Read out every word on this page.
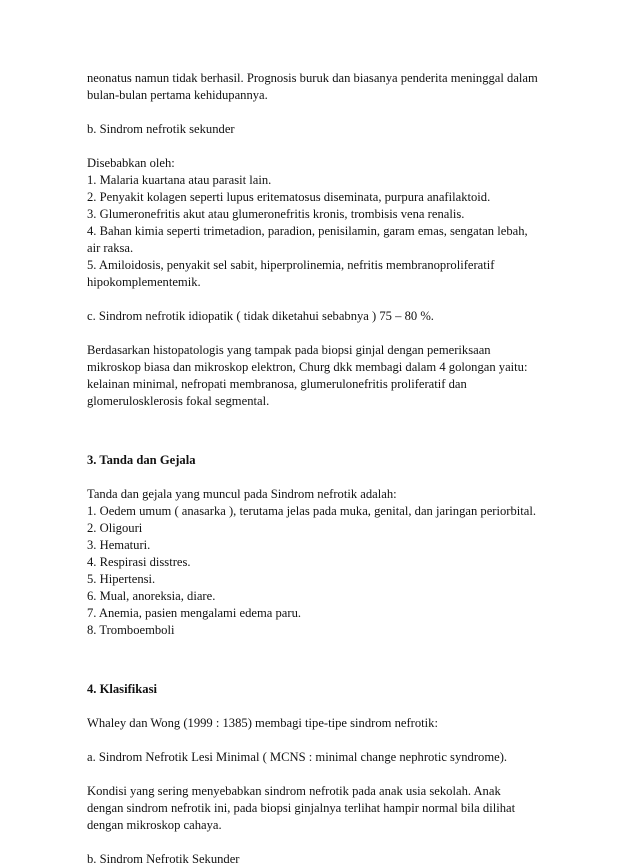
neonatus namun tidak berhasil. Prognosis buruk dan biasanya penderita meninggal dalam
bulan-bulan pertama kehidupannya.
b. Sindrom nefrotik sekunder
Disebabkan oleh:
1. Malaria kuartana atau parasit lain.
2. Penyakit kolagen seperti lupus eritematosus diseminata, purpura anafilaktoid.
3. Glumeronefritis akut atau glumeronefritis kronis, trombisis vena renalis.
4. Bahan kimia seperti trimetadion, paradion, penisilamin, garam emas, sengatan lebah,
air raksa.
5. Amiloidosis, penyakit sel sabit, hiperprolinemia, nefritis membranoproliferatif
hipokomplementemik.
c. Sindrom nefrotik idiopatik ( tidak diketahui sebabnya ) 75 – 80 %.
Berdasarkan histopatologis yang tampak pada biopsi ginjal dengan pemeriksaan
mikroskop biasa dan mikroskop elektron, Churg dkk membagi dalam 4 golongan yaitu:
kelainan minimal, nefropati membranosa, glumerulonefritis proliferatif dan
glomerulosklerosis fokal segmental.
3. Tanda dan Gejala
Tanda dan gejala yang muncul pada Sindrom nefrotik adalah:
1. Oedem umum ( anasarka ), terutama jelas pada muka, genital, dan jaringan periorbital.
2. Oligouri
3. Hematuri.
4. Respirasi disstres.
5. Hipertensi.
6. Mual, anoreksia, diare.
7. Anemia, pasien mengalami edema paru.
8. Tromboemboli
4. Klasifikasi
Whaley dan Wong (1999 : 1385) membagi tipe-tipe sindrom nefrotik:
a. Sindrom Nefrotik Lesi Minimal ( MCNS : minimal change nephrotic syndrome).
Kondisi yang sering menyebabkan sindrom nefrotik pada anak usia sekolah. Anak
dengan sindrom nefrotik ini, pada biopsi ginjalnya terlihat hampir normal bila dilihat
dengan mikroskop cahaya.
b. Sindrom Nefrotik Sekunder
